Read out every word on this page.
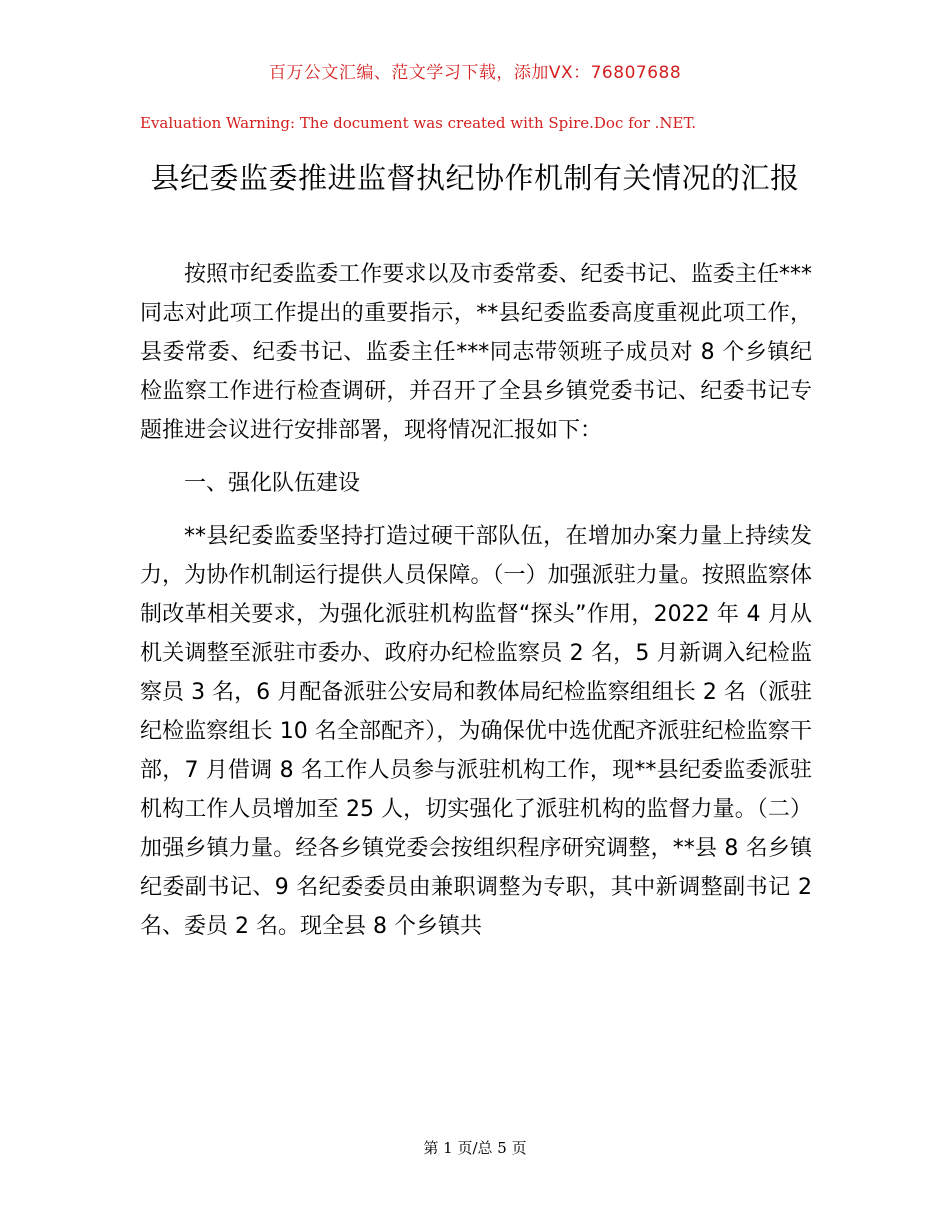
百万公文汇编、范文学习下载，添加VX：76807688
Evaluation Warning: The document was created with Spire.Doc for .NET.
县纪委监委推进监督执纪协作机制有关情况的汇报

按照市纪委监委工作要求以及市委常委、纪委书记、监委主任***同志对此项工作提出的重要指示，**县纪委监委高度重视此项工作，县委常委、纪委书记、监委主任***同志带领班子成员对 8 个乡镇纪检监察工作进行检查调研，并召开了全县乡镇党委书记、纪委书记专题推进会议进行安排部署，现将情况汇报如下：

一、强化队伍建设

**县纪委监委坚持打造过硬干部队伍，在增加办案力量上持续发力，为协作机制运行提供人员保障。（一）加强派驻力量。按照监察体制改革相关要求，为强化派驻机构监督“探头”作用，2022 年 4 月从机关调整至派驻市委办、政府办纪检监察员 2 名，5 月新调入纪检监察员 3 名，6 月配备派驻公安局和教体局纪检监察组组长 2 名（派驻纪检监察组长 10 名全部配齐），为确保优中选优配齐派驻纪检监察干部，7 月借调 8 名工作人员参与派驻机构工作，现**县纪委监委派驻机构工作人员增加至 25 人，切实强化了派驻机构的监督力量。（二）加强乡镇力量。经各乡镇党委会按组织程序研究调整，**县 8 名乡镇纪委副书记、9 名纪委委员由兼职调整为专职，其中新调整副书记 2 名、委员 2 名。现全县 8 个乡镇共

第 1 页/总 5 页
